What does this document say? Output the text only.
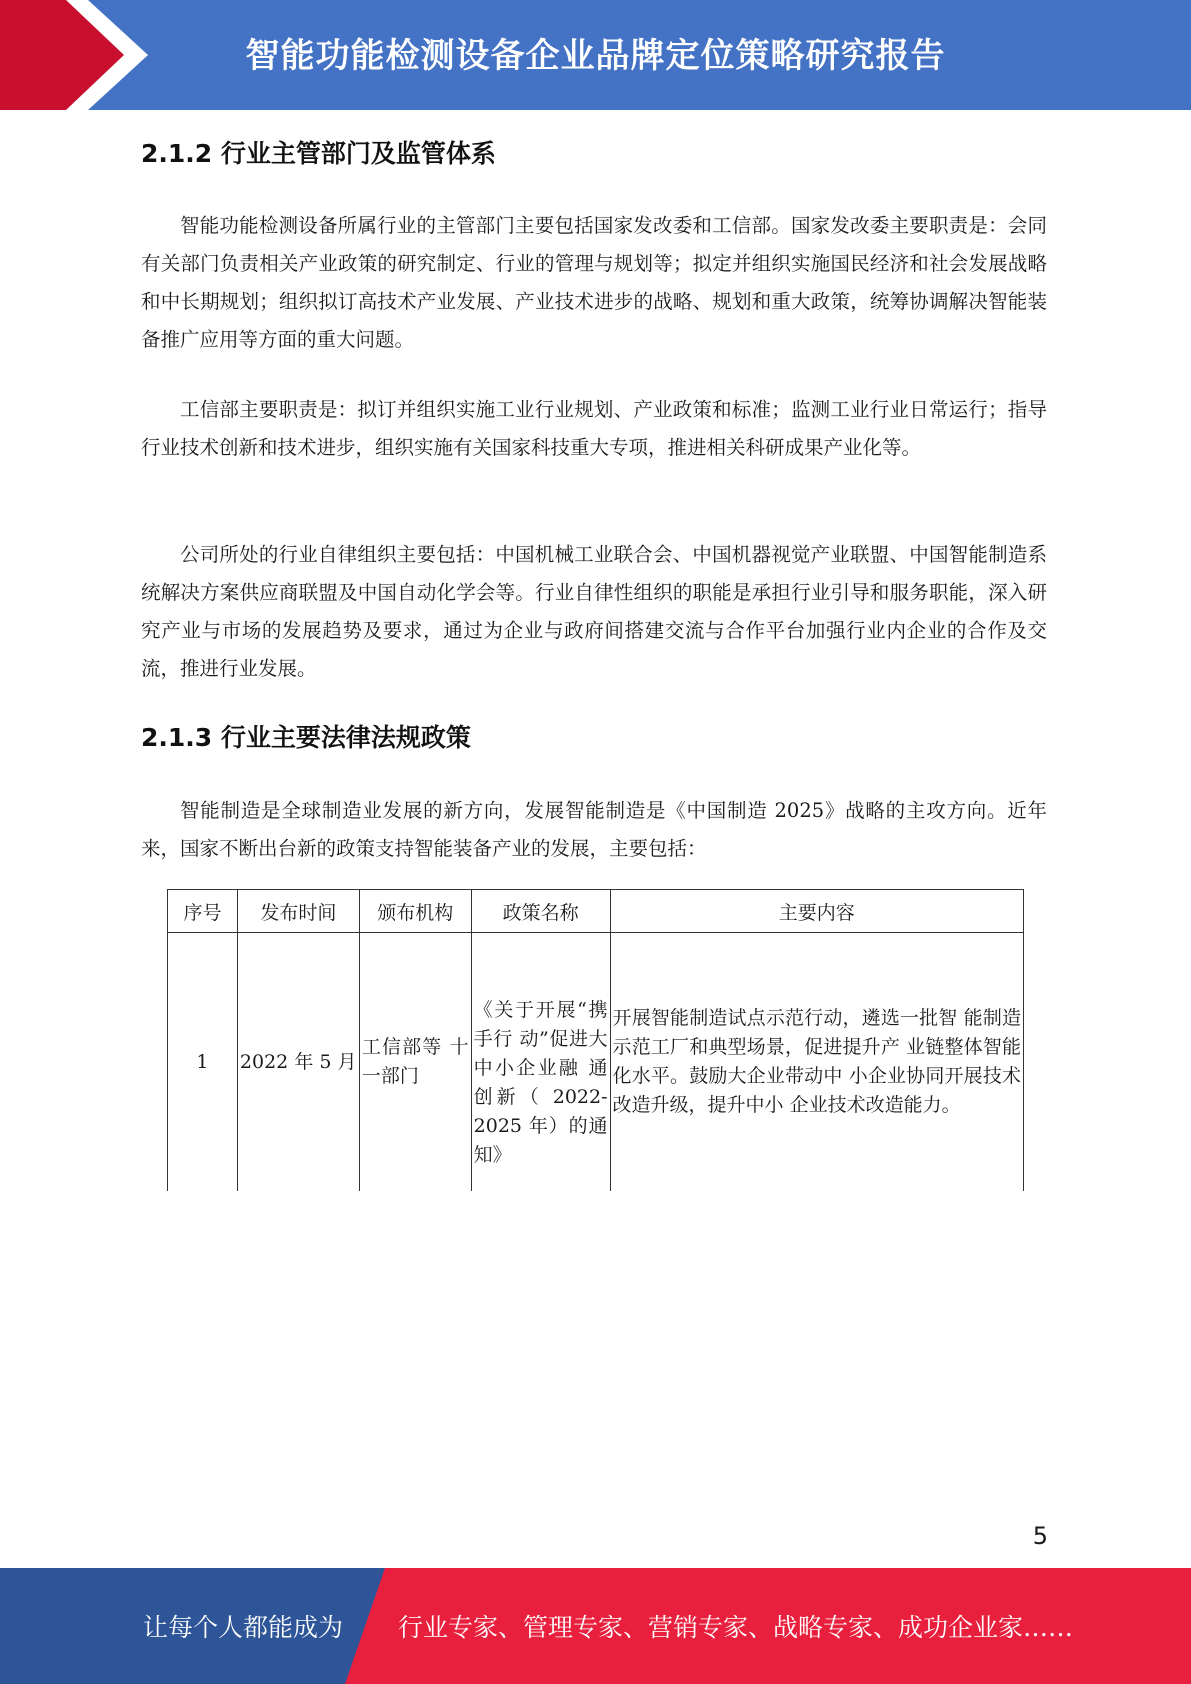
智能功能检测设备企业品牌定位策略研究报告
2.1.2 行业主管部门及监管体系

智能功能检测设备所属行业的主管部门主要包括国家发改委和工信部。国家发改委主要职责是：会同有关部门负责相关产业政策的研究制定、行业的管理与规划等；拟定并组织实施国民经济和社会发展战略和中长期规划；组织拟订高技术产业发展、产业技术进步的战略、规划和重大政策，统筹协调解决智能装备推广应用等方面的重大问题。

工信部主要职责是：拟订并组织实施工业行业规划、产业政策和标准；监测工业行业日常运行；指导行业技术创新和技术进步，组织实施有关国家科技重大专项，推进相关科研成果产业化等。

公司所处的行业自律组织主要包括：中国机械工业联合会、中国机器视觉产业联盟、中国智能制造系统解决方案供应商联盟及中国自动化学会等。行业自律性组织的职能是承担行业引导和服务职能，深入研究产业与市场的发展趋势及要求，通过为企业与政府间搭建交流与合作平台加强行业内企业的合作及交流，推进行业发展。

2.1.3 行业主要法律法规政策

智能制造是全球制造业发展的新方向，发展智能制造是《中国制造 2025》战略的主攻方向。近年来，国家不断出台新的政策支持智能装备产业的发展，主要包括：

序号	发布时间	颁布机构	政策名称	主要内容
1	2022 年 5 月	工信部等 十一部门	《关于开展“携手行 动”促进大 中小企业融 通创新（ 2022-2025 年）的通 知》	开展智能制造试点示范行动，遴选一批智 能制造示范工厂和典型场景，促进提升产 业链整体智能化水平。鼓励大企业带动中 小企业协同开展技术改造升级，提升中小 企业技术改造能力。
5
让每个人都能成为 行业专家、管理专家、营销专家、战略专家、成功企业家……
